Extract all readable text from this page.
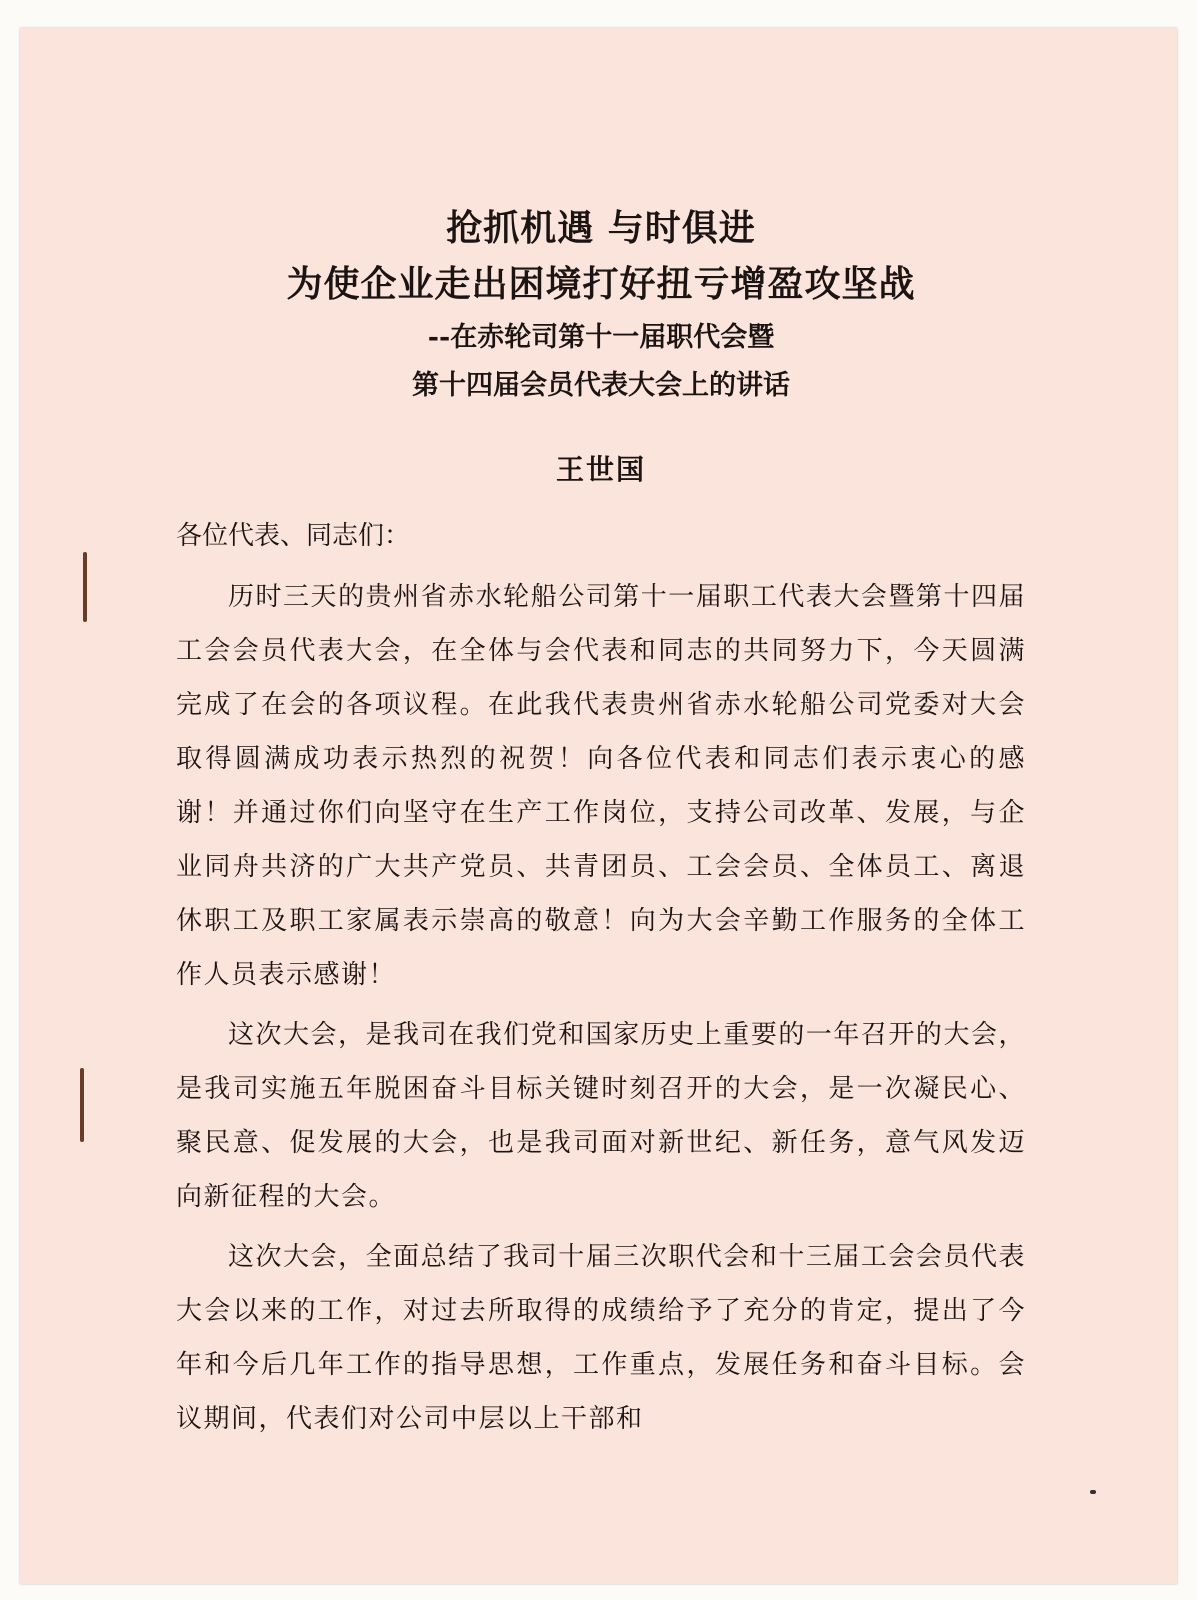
抢抓机遇 与时俱进
为使企业走出困境打好扭亏增盈攻坚战

--在赤轮司第十一届职代会暨

第十四届会员代表大会上的讲话

王世国

各位代表、同志们：

历时三天的贵州省赤水轮船公司第十一届职工代表大会暨第十四届工会会员代表大会，在全体与会代表和同志的共同努力下，今天圆满完成了在会的各项议程。在此我代表贵州省赤水轮船公司党委对大会取得圆满成功表示热烈的祝贺！向各位代表和同志们表示衷心的感谢！并通过你们向坚守在生产工作岗位，支持公司改革、发展，与企业同舟共济的广大共产党员、共青团员、工会会员、全体员工、离退休职工及职工家属表示崇高的敬意！向为大会辛勤工作服务的全体工作人员表示感谢！

这次大会，是我司在我们党和国家历史上重要的一年召开的大会，是我司实施五年脱困奋斗目标关键时刻召开的大会，是一次凝民心、聚民意、促发展的大会，也是我司面对新世纪、新任务，意气风发迈向新征程的大会。

这次大会，全面总结了我司十届三次职代会和十三届工会会员代表大会以来的工作，对过去所取得的成绩给予了充分的肯定，提出了今年和今后几年工作的指导思想，工作重点，发展任务和奋斗目标。会议期间，代表们对公司中层以上干部和
